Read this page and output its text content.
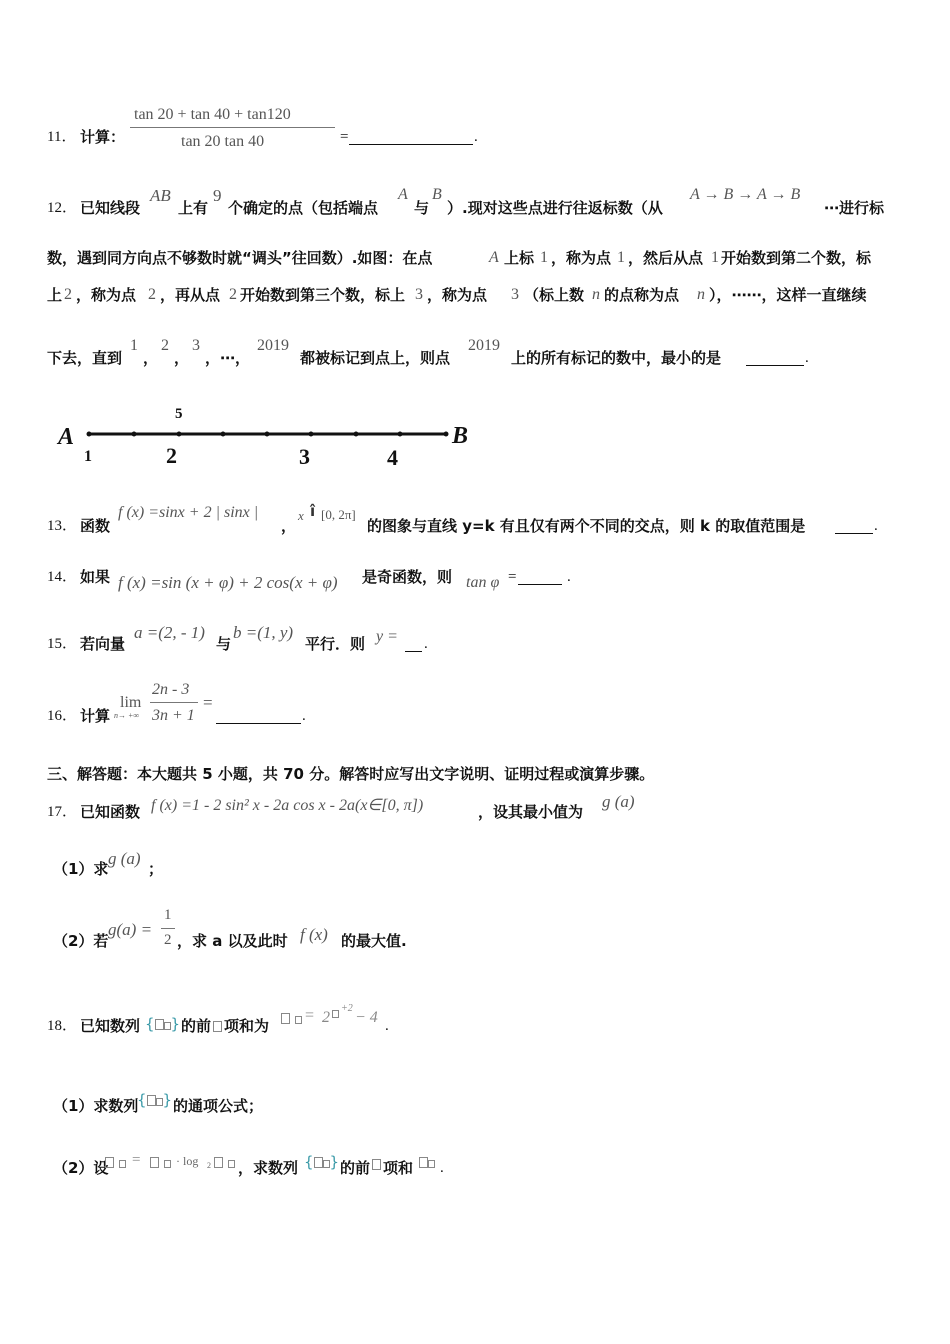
11． 计算：
tan 20 + tan 40 + tan120
tan 20 tan 40	=	.
12． 已知线段
AB
上有
9
个确定的点（包括端点
A
与
B
）.现对这些点进行往返标数（从
A → B → A → B
⋯进行标
数，遇到同方向点不够数时就“调头”往回数）.如图：在点	A 上标 1 ，称为点 1 ，然后从点 1 开始数到第二个数，标
上 2 ，称为点 2 ，再从点 2 开始数到第三个数，标上 3 ，称为点 3 （标上数 n 的点称为点 n ），⋯⋯，这样一直继续
下去，直到
1
，
2
，
3
， ⋯，
2019
都被标记到点上，则点
2019
上的所有标记的数中，最小的是	.
A	B
1	2	3	4
5
13． 函数
f (x) =sinx + 2 | sinx |
，
x î [0, 2π]
的图象与直线 y=k 有且仅有两个不同的交点，则 k 的取值范围是	.
14． 如果 f (x) =sin (x + φ) + 2 cos(x + φ) 是奇函数，则 tan φ =	.
15． 若向量
a =(2, - 1)
与
b =(1, y)
平行．则 y = .
16． 计算
lim
n→ +∞
2n - 3
3n + 1
=
.
三、解答题：本大题共 5 小题，共 70 分。解答时应写出文字说明、证明过程或演算步骤。
17． 已知函数 f (x) =1 - 2 sin² x - 2a cos x - 2a(x∈[0, π])	，设其最小值为
g (a)
（1）求
g (a)
；
（2）若
g(a) =
1
2 ，求 a 以及此时 f (x) 的最大值.
18． 已知数列 { } 的前 项和为

= 2
+2
− 4 .
（1）求数列
{ } 的通项公式；
（2）设
=
	· log 2
，求数列 { } 的前 项和 .
